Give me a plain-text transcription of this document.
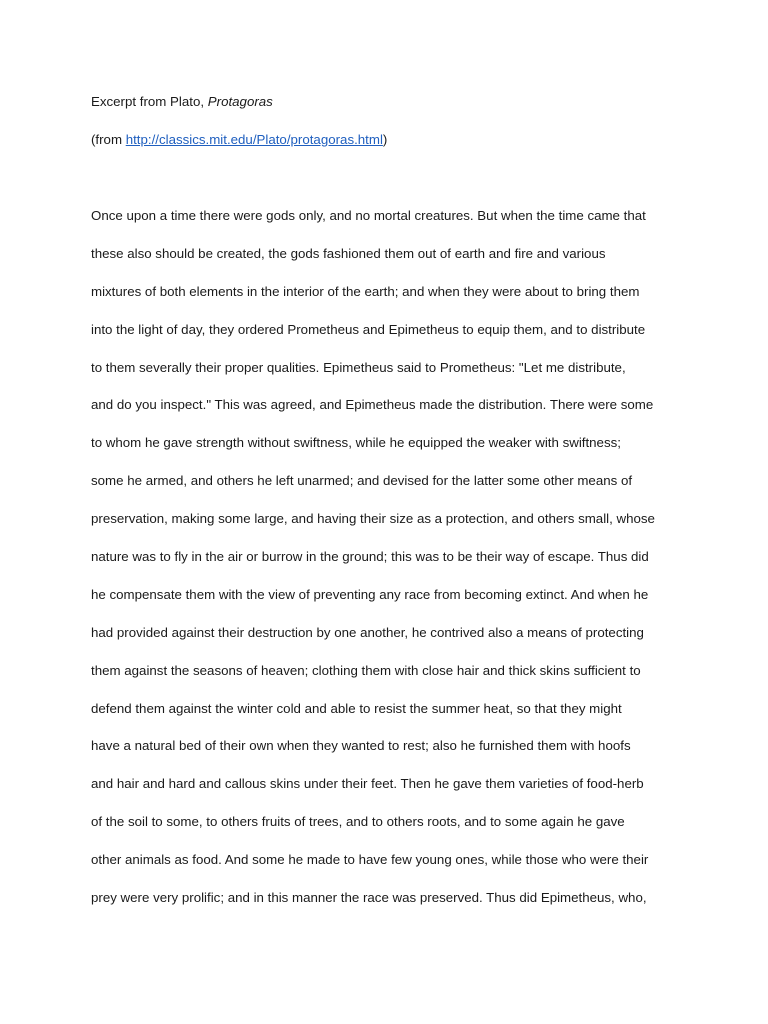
Excerpt from Plato, Protagoras
(from http://classics.mit.edu/Plato/protagoras.html)
Once upon a time there were gods only, and no mortal creatures. But when the time came that
these also should be created, the gods fashioned them out of earth and fire and various
mixtures of both elements in the interior of the earth; and when they were about to bring them
into the light of day, they ordered Prometheus and Epimetheus to equip them, and to distribute
to them severally their proper qualities. Epimetheus said to Prometheus: "Let me distribute,
and do you inspect." This was agreed, and Epimetheus made the distribution. There were some
to whom he gave strength without swiftness, while he equipped the weaker with swiftness;
some he armed, and others he left unarmed; and devised for the latter some other means of
preservation, making some large, and having their size as a protection, and others small, whose
nature was to fly in the air or burrow in the ground; this was to be their way of escape. Thus did
he compensate them with the view of preventing any race from becoming extinct. And when he
had provided against their destruction by one another, he contrived also a means of protecting
them against the seasons of heaven; clothing them with close hair and thick skins sufficient to
defend them against the winter cold and able to resist the summer heat, so that they might
have a natural bed of their own when they wanted to rest; also he furnished them with hoofs
and hair and hard and callous skins under their feet. Then he gave them varieties of food-herb
of the soil to some, to others fruits of trees, and to others roots, and to some again he gave
other animals as food. And some he made to have few young ones, while those who were their
prey were very prolific; and in this manner the race was preserved. Thus did Epimetheus, who,
